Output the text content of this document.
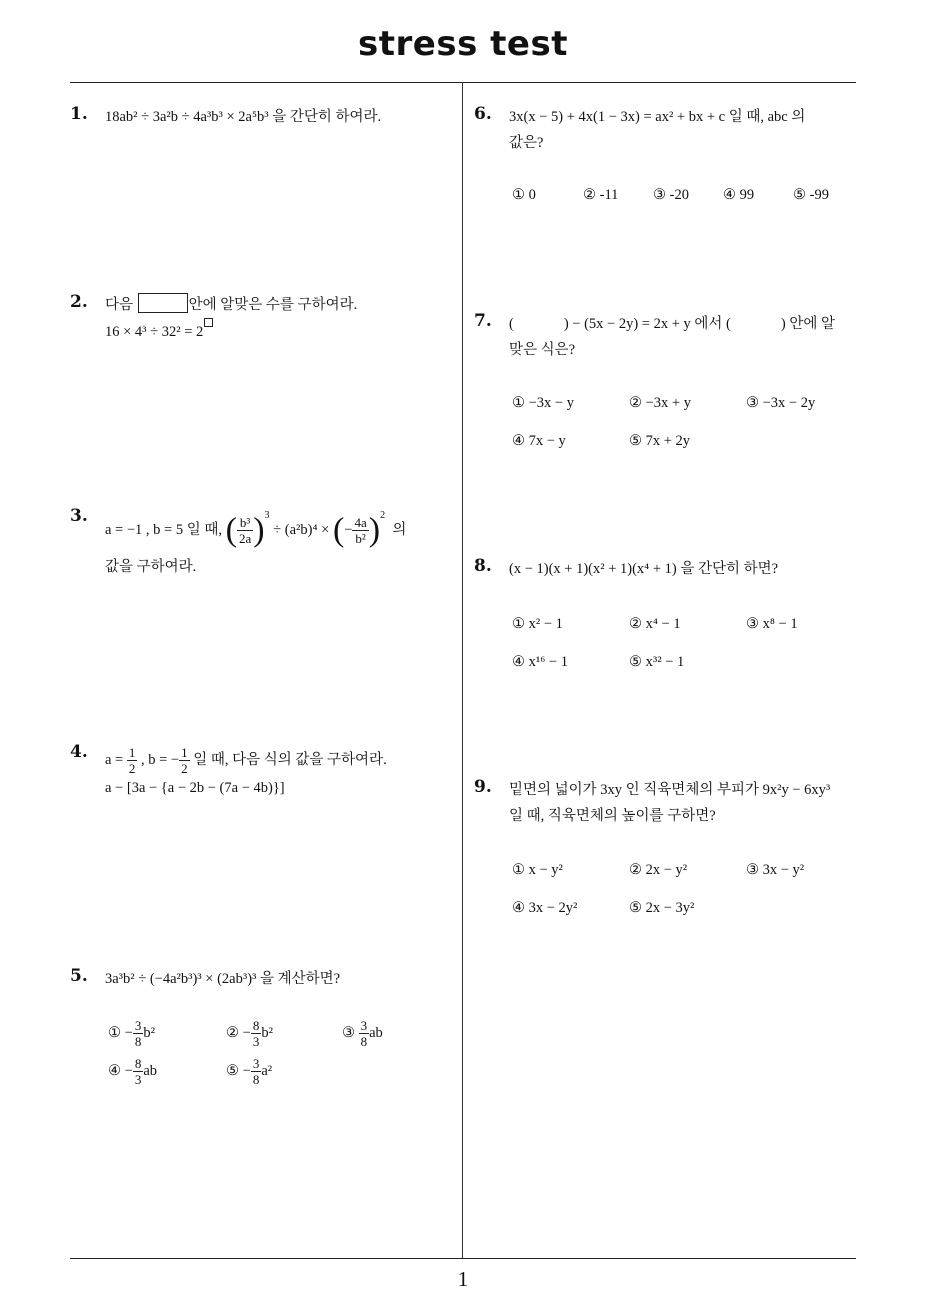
stress test
1
1. 18ab² ÷ 3a²b ÷ 4a³b³ × 2a⁵b³ 을 간단히 하여라.
2. 다음	안에 알맞은 수를 구하여라.
16 × 4³ ÷ 32² = 2
3.
a = −1 , b = 5 일 때, ( $\frac{\text{b³}}{2a} )^3 \div (a^2b)^4$ × (− $\frac{4a}{\text{b²}} )^2$  의
값을 구하여라.
4. $a = \frac{1}{2}$ , b = − $\frac{1}{2}$ 일 때, 다음 식의 값을 구하여라.
a − [3a − {a − 2b − (7a − 4b)}]
5. 3a³b² ÷ (−4a²b³)³ × (2ab³)³ 을 계산하면?
① − $\frac{3}{8} b^2$	② − $\frac{8}{3} b^2$	③ $\frac{3}{8}$ ab
④ − $\frac{8}{3}$ ab	⑤ − $\frac{3}{8} a^2$
6. 3x(x − 5) + 4x(1 − 3x) = ax² + bx + c 일 때, abc 의
값은?
① 0	② -11 ③ -20 ④ 99	⑤ -99
7. (	) − (5x − 2y) = 2x + y 에서 (	) 안에 알
맞은 식은?
① −3x − y	② −3x + y	③ −3x − 2y
④ 7x − y	⑤ 7x + 2y
8. (x − 1)(x + 1)(x² + 1)(x⁴ + 1) 을 간단히 하면?
① x² − 1	② x⁴ − 1	③ x⁸ − 1
④ x¹⁶ − 1	⑤ x³² − 1
9. 밑면의 넓이가 3xy 인 직육면체의 부피가 9x²y − 6xy³
일 때, 직육면체의 높이를 구하면?
① x − y²	② 2x − y²	③ 3x − y²
④ 3x − 2y²	⑤ 2x − 3y²
